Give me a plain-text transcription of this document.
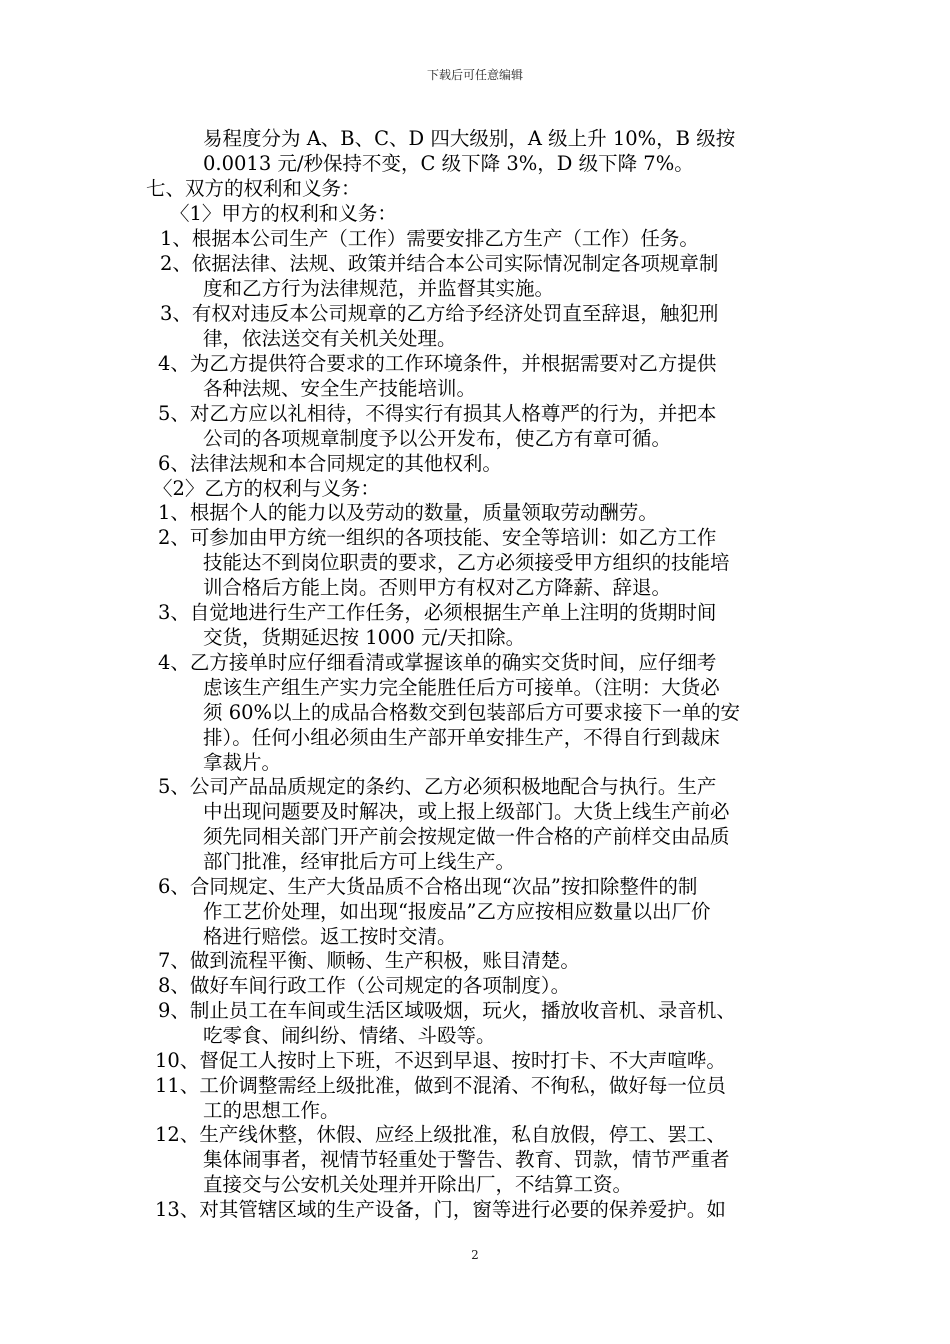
下载后可任意编辑
易程度分为 A、B、C、D 四大级别，A 级上升 10%，B 级按
0.0013 元/秒保持不变，C 级下降 3%，D 级下降 7%。
七、双方的权利和义务：
〈1〉甲方的权利和义务：
1、根据本公司生产（工作）需要安排乙方生产（工作）任务。
2、依据法律、法规、政策并结合本公司实际情况制定各项规章制
度和乙方行为法律规范，并监督其实施。
3、有权对违反本公司规章的乙方给予经济处罚直至辞退，触犯刑
律，依法送交有关机关处理。
4、为乙方提供符合要求的工作环境条件，并根据需要对乙方提供
各种法规、安全生产技能培训。
5、对乙方应以礼相待，不得实行有损其人格尊严的行为，并把本
公司的各项规章制度予以公开发布，使乙方有章可循。
6、法律法规和本合同规定的其他权利。
〈2〉乙方的权利与义务：
1、根据个人的能力以及劳动的数量，质量领取劳动酬劳。
2、可参加由甲方统一组织的各项技能、安全等培训：如乙方工作
技能达不到岗位职责的要求，乙方必须接受甲方组织的技能培
训合格后方能上岗。否则甲方有权对乙方降薪、辞退。
3、自觉地进行生产工作任务，必须根据生产单上注明的货期时间
交货，货期延迟按 1000 元/天扣除。
4、乙方接单时应仔细看清或掌握该单的确实交货时间，应仔细考
虑该生产组生产实力完全能胜任后方可接单。（注明：大货必
须 60%以上的成品合格数交到包装部后方可要求接下一单的安
排）。任何小组必须由生产部开单安排生产，不得自行到裁床
拿裁片。
5、公司产品品质规定的条约、乙方必须积极地配合与执行。生产
中出现问题要及时解决，或上报上级部门。大货上线生产前必
须先同相关部门开产前会按规定做一件合格的产前样交由品质
部门批准，经审批后方可上线生产。
6、合同规定、生产大货品质不合格出现“次品”按扣除整件的制
作工艺价处理，如出现“报废品”乙方应按相应数量以出厂价
格进行赔偿。返工按时交清。
7、做到流程平衡、顺畅、生产积极，账目清楚。
8、做好车间行政工作（公司规定的各项制度）。
9、制止员工在车间或生活区域吸烟，玩火，播放收音机、录音机、
吃零食、闹纠纷、情绪、斗殴等。
10、督促工人按时上下班，不迟到早退、按时打卡、不大声喧哗。
11、工价调整需经上级批准，做到不混淆、不徇私，做好每一位员
工的思想工作。
12、生产线休整，休假、应经上级批准，私自放假，停工、罢工、
集体闹事者，视情节轻重处于警告、教育、罚款，情节严重者
直接交与公安机关处理并开除出厂，不结算工资。
13、对其管辖区域的生产设备，门，窗等进行必要的保养爱护。如
2
